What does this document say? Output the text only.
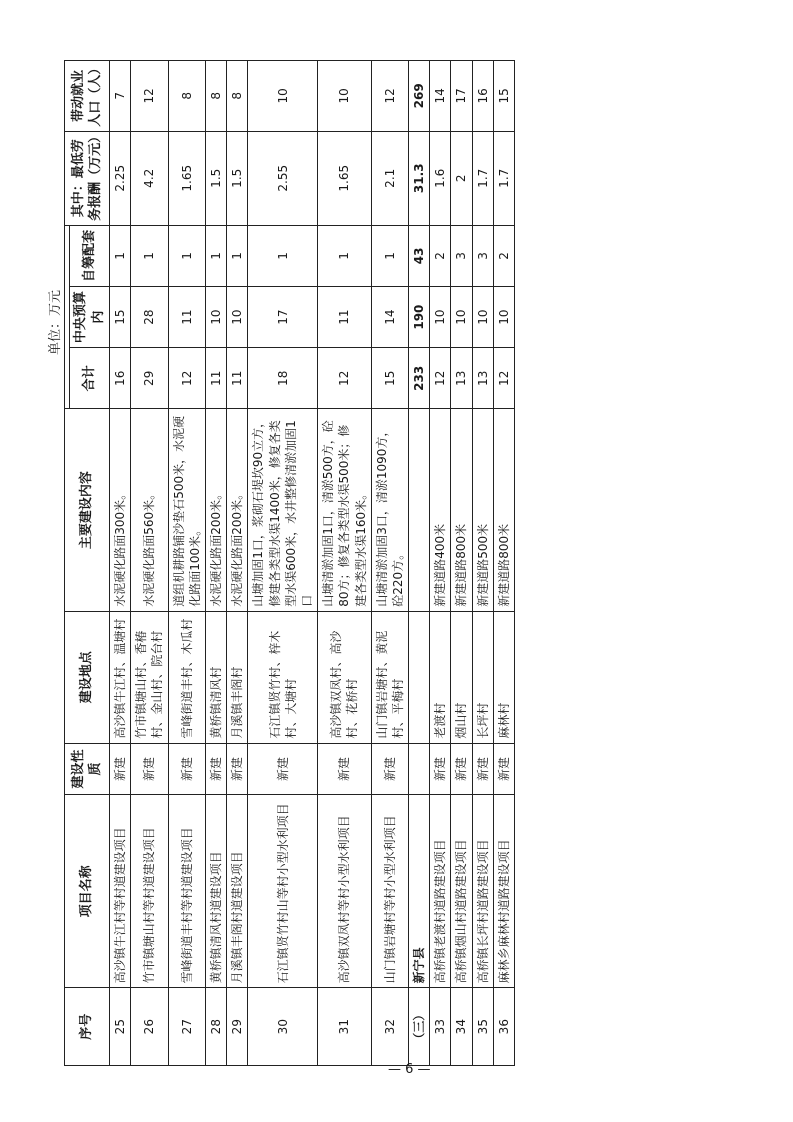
单位：万元
序号	项目名称	建设性质	建设地点	主要建设内容				其中：最低劳务报酬（万元）	带动就业人口（人）
					合计	中央预算内	自筹配套		
25	高沙镇牛江村等村道建设项目	新建	高沙镇牛江村、温塘村	水泥硬化路面300米。	16	15	1	2.25	7
26	竹市镇塘山村等村道建设项目	新建	竹市镇塘山村、香椿村、金山村、院台村	水泥硬化路面560米。	29	28	1	4.2	12
27	雪峰街道丰村等村道建设项目	新建	雪峰街道丰村、木瓜村	道组机耕路铺沙垫石500米，水泥硬化路面100米。	12	11	1	1.65	8
28	黄桥镇清风村道建设项目	新建	黄桥镇清风村	水泥硬化路面200米。	11	10	1	1.5	8
29	月溪镇丰阁村道建设项目	新建	月溪镇丰阁村	水泥硬化路面200米。	11	10	1	1.5	8
30	石江镇贤竹村山等村小型水利项目	新建	石江镇贤竹村、梓木村、大塘村	山塘加固1口，浆砌石堤坎90立方，修建各类型水渠1400米，修复各类型水渠600米，水井整修清淤加固1口	18	17	1	2.55	10
31	高沙镇双凤村等村小型水利项目	新建	高沙镇双凤村、高沙村、花桥村	山塘清淤加固1口，清淤500方，砼80方；修复各类型水渠500米；修建各类型水渠160米。	12	11	1	1.65	10
32	山门镇岩塘村等村小型水利项目	新建	山门镇岩塘村、黄泥村、平梅村	山塘清淤加固3口，清淤1090方，砼220方。	15	14	1	2.1	12
（三）	新宁县				233	190	43	31.3	269
33	高桥镇老渡村道路建设项目	新建	老渡村	新建道路400米	12	10	2	1.6	14
34	高桥镇烟山村道路建设项目	新建	烟山村	新建道路800米	13	10	3	2	17
35	高桥镇长坪村道路建设项目	新建	长坪村	新建道路500米	13	10	3	1.7	16
36	麻林乡麻林村道路建设项目	新建	麻林村	新建道路800米	12	10	2	1.7	15
— 6 —
